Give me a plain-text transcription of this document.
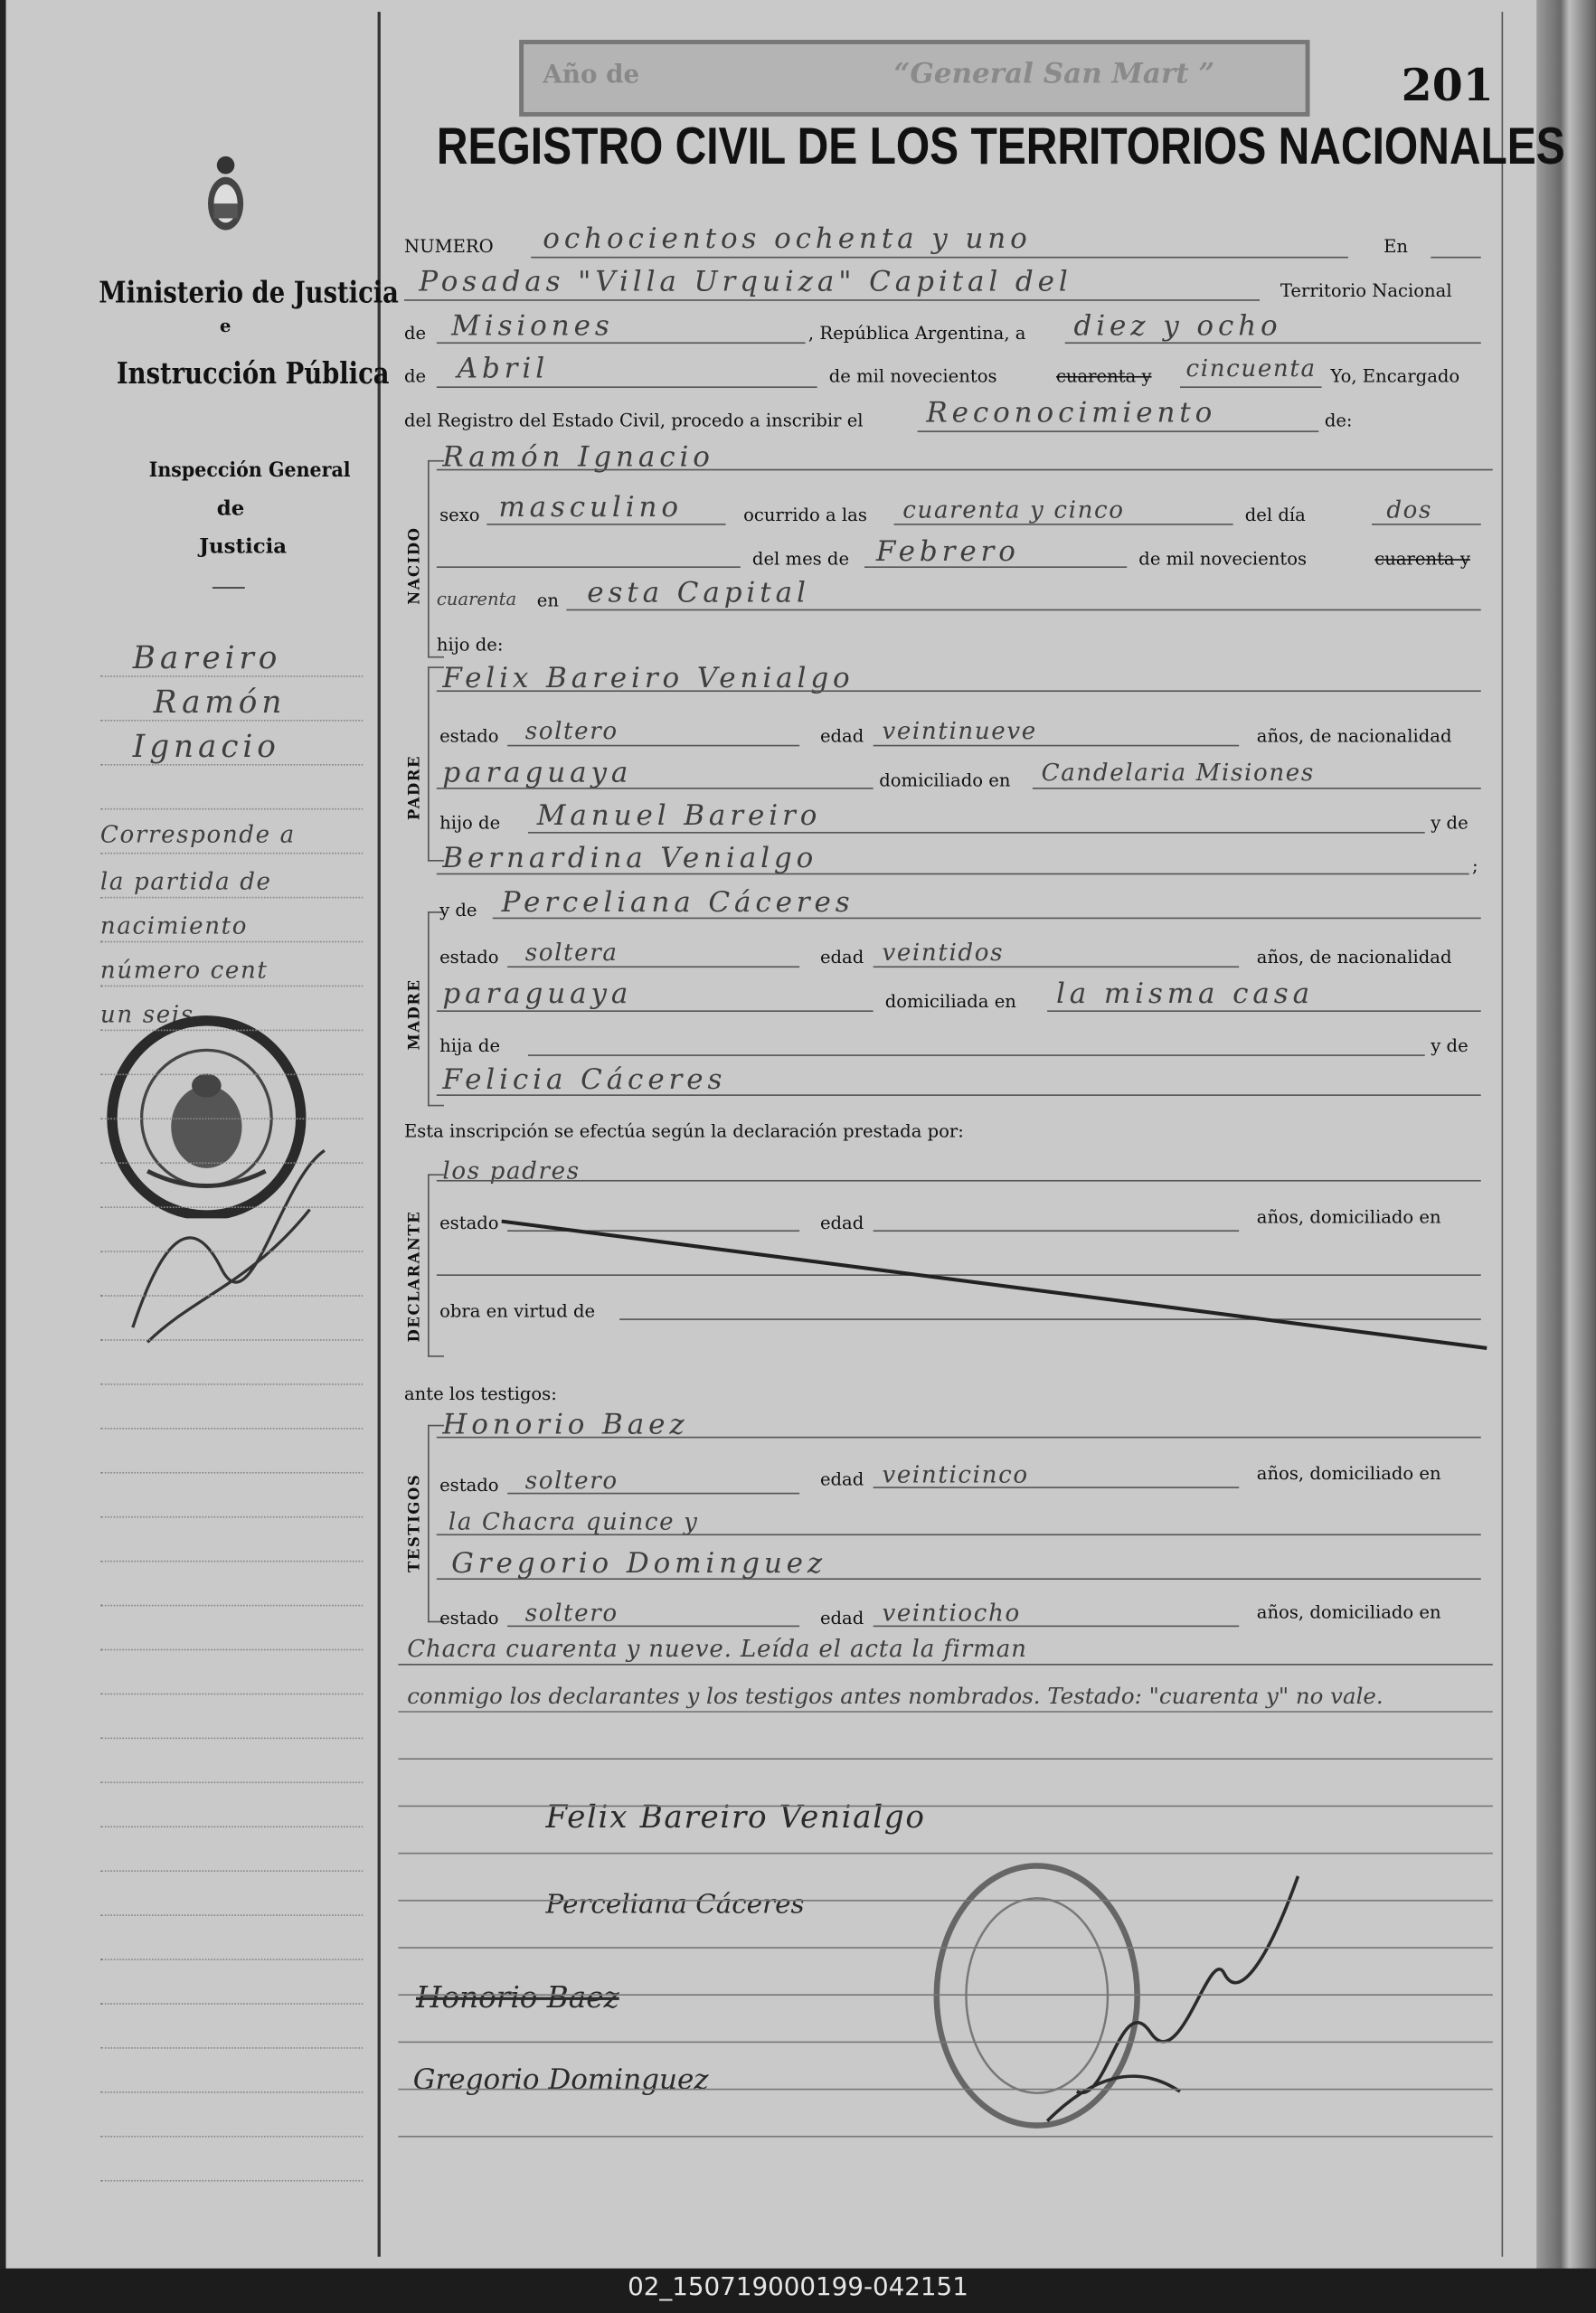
Año de	“General San Mart ”	201
REGISTRO CIVIL DE LOS TERRITORIOS NACIONALES
Ministerio de Justicia
e
Instrucción Pública
Inspección General
de
Justicia
Bareiro
Ramón
Ignacio
Corresponde a
la partida de
nacimiento
número cent
un seis
NUMERO	ochocientos ochenta y uno	En
Posadas "Villa Urquiza" Capital del	Territorio Nacional
de Misiones	, República Argentina, a	diez y ocho
de Abril	de mil novecientos	cuarenta y cincuenta Yo, Encargado
del Registro del Estado Civil, procedo a inscribir el	Reconocimiento	de:
NACIDO
Ramón Ignacio
sexo masculino	ocurrido a las cuarenta y cinco	del día	dos
del mes de Febrero	de mil novecientos	cuarenta y
cuarenta en esta Capital
hijo de:
PADRE
Felix Bareiro Venialgo
estado soltero	edad veintinueve	años, de nacionalidad
paraguaya	domiciliado en Candelaria Misiones
hijo de Manuel Bareiro	y de
Bernardina Venialgo	;
MADRE
y de Perceliana Cáceres
estado soltera	edad veintidos	años, de nacionalidad
paraguaya	domiciliada en la misma casa
hija de	y de
Felicia Cáceres
Esta inscripción se efectúa según la declaración prestada por:
DECLARANTE
los padres
estado	edad	años, domiciliado en
obra en virtud de
ante los testigos:
TESTIGOS
Honorio Baez
estado soltero	edad veinticinco	años, domiciliado en
la Chacra quince y
Gregorio Dominguez
estado soltero	edad veintiocho	años, domiciliado en
Chacra cuarenta y nueve. Leída el acta la firman
conmigo los declarantes y los testigos antes nombrados. Testado: "cuarenta y" no vale.
Felix Bareiro Venialgo
Perceliana Cáceres
Honorio Baez
Gregorio Dominguez
02_150719000199-042151
